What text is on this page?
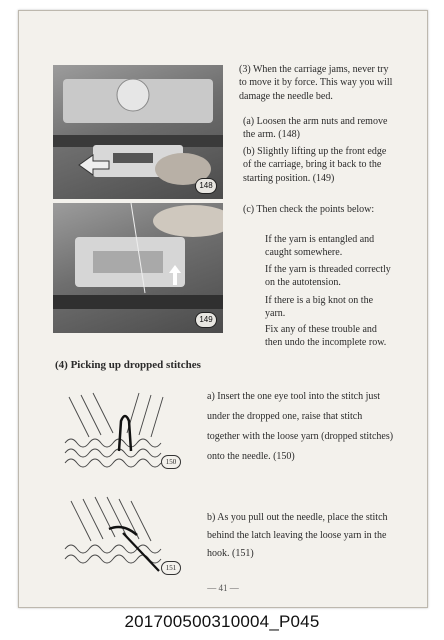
148
149

(3) When the carriage jams, never try to move it by force. This way you will damage the needle bed.

(a) Loosen the arm nuts and remove the arm. (148)

(b) Slightly lifting up the front edge of the carriage, bring it back to the starting position. (149)

(c) Then check the points below:

If the yarn is entangled and caught somewhere.

If the yarn is threaded correctly on the autotension.

If there is a big knot on the yarn.

Fix any of these trouble and then undo the incomplete row.

(4) Picking up dropped stitches

150
151

a) Insert the one eye tool into the stitch just under the dropped one, raise that stitch together with the loose yarn (dropped stitches) onto the needle. (150)

b) As you pull out the needle, place the stitch behind the latch leaving the loose yarn in the hook. (151)

— 41 —
201700500310004_P045
